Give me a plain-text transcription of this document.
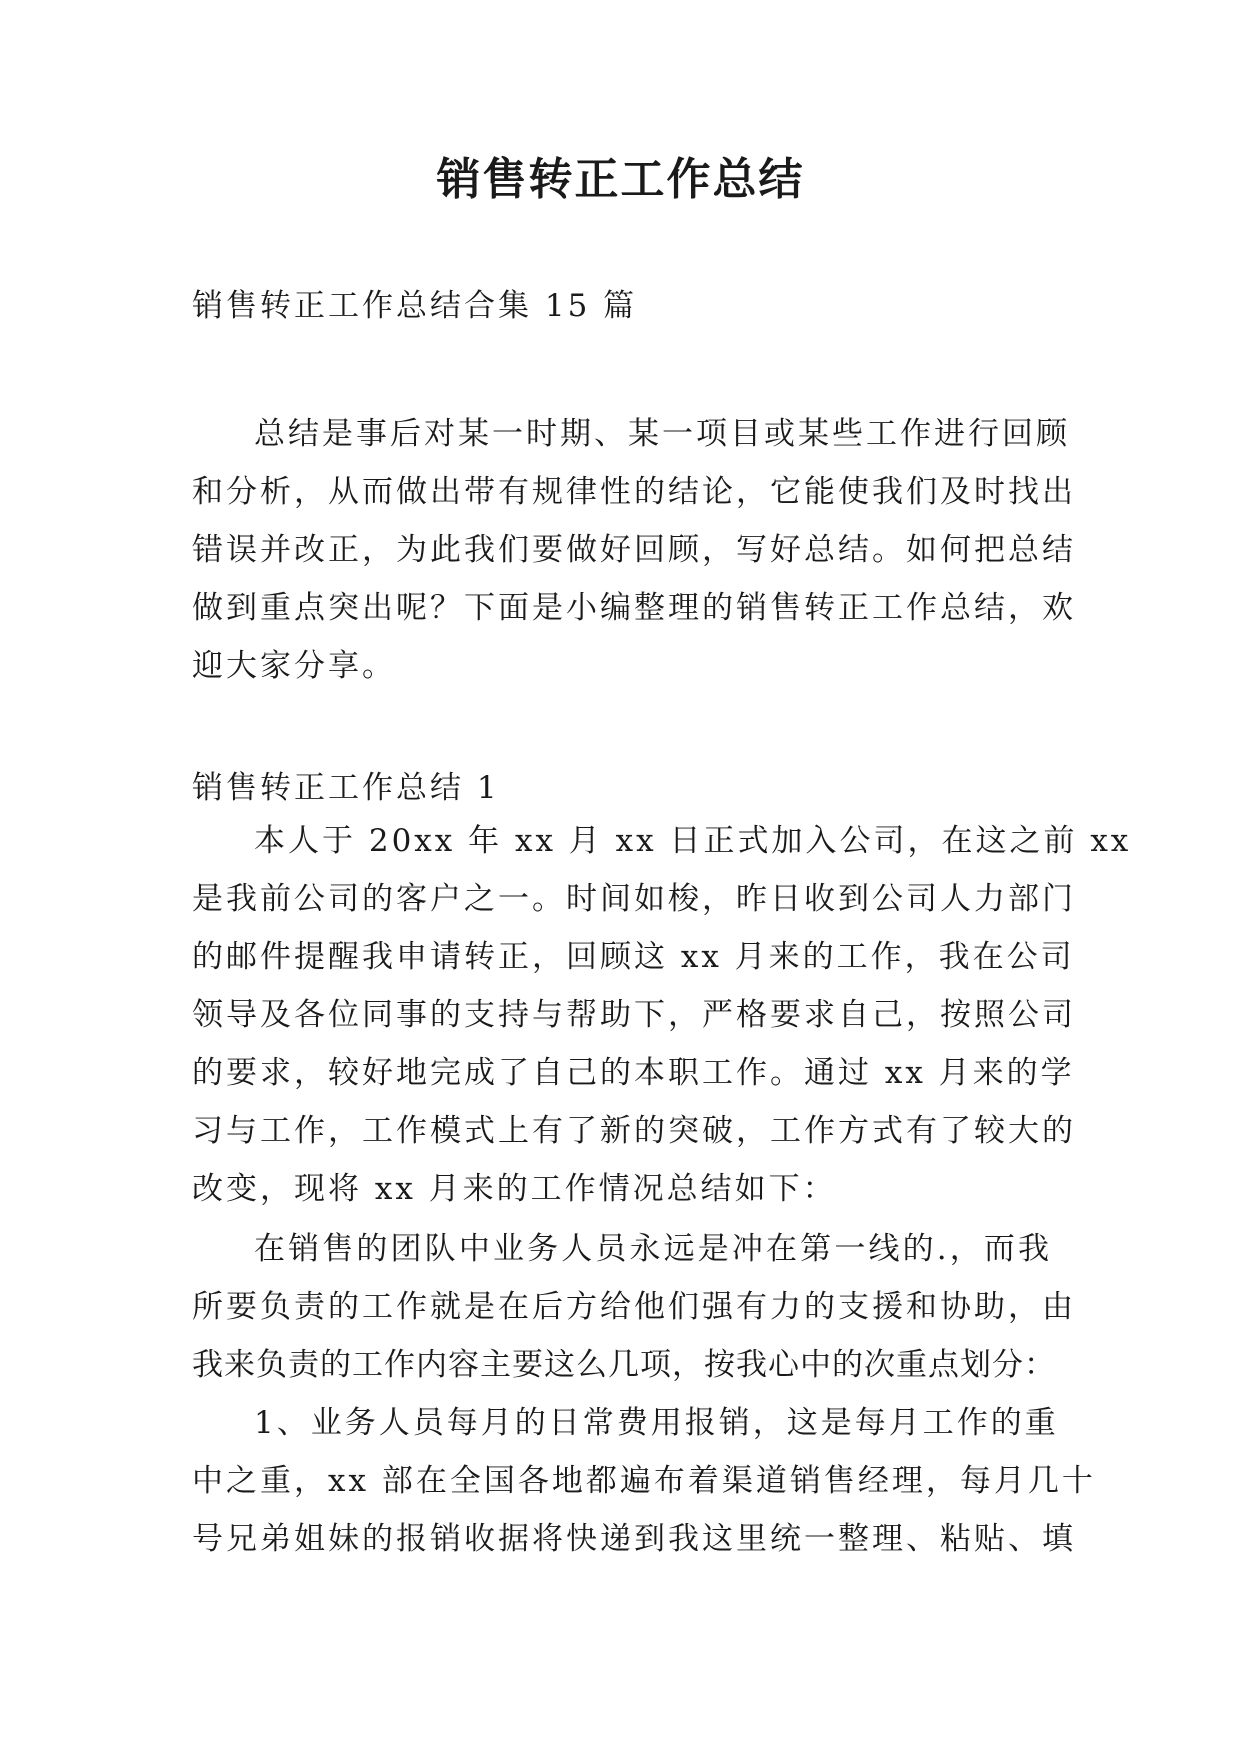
销售转正工作总结

销售转正工作总结合集 15 篇

总结是事后对某一时期、某一项目或某些工作进行回顾
和分析，从而做出带有规律性的结论，它能使我们及时找出
错误并改正，为此我们要做好回顾，写好总结。如何把总结
做到重点突出呢？下面是小编整理的销售转正工作总结，欢
迎大家分享。

销售转正工作总结 1

本人于 20xx 年 xx 月 xx 日正式加入公司，在这之前 xx
是我前公司的客户之一。时间如梭，昨日收到公司人力部门
的邮件提醒我申请转正，回顾这 xx 月来的工作，我在公司
领导及各位同事的支持与帮助下，严格要求自己，按照公司
的要求，较好地完成了自己的本职工作。通过 xx 月来的学
习与工作，工作模式上有了新的突破，工作方式有了较大的
改变，现将 xx 月来的工作情况总结如下：
在销售的团队中业务人员永远是冲在第一线的.，而我
所要负责的工作就是在后方给他们强有力的支援和协助，由
我来负责的工作内容主要这么几项，按我心中的次重点划分：
1、业务人员每月的日常费用报销，这是每月工作的重
中之重，xx 部在全国各地都遍布着渠道销售经理，每月几十
号兄弟姐妹的报销收据将快递到我这里统一整理、粘贴、填
